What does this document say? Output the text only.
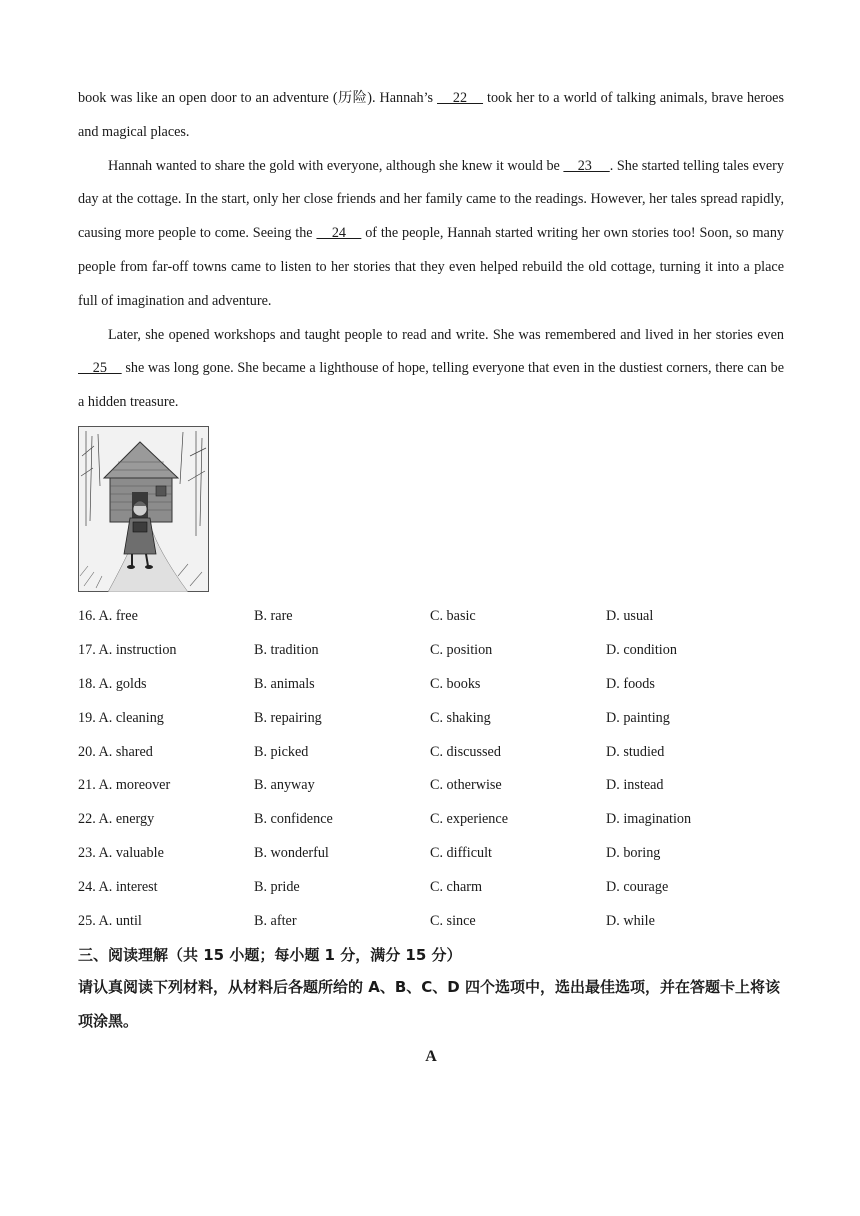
book was like an open door to an adventure (历险). Hannah’s     22     took her to a world of talking animals, brave heroes and magical places.

Hannah wanted to share the gold with everyone, although she knew it would be     23     . She started telling tales every day at the cottage. In the start, only her close friends and her family came to the readings. However, her tales spread rapidly, causing more people to come. Seeing the     24     of the people, Hannah started writing her own stories too! Soon, so many people from far-off towns came to listen to her stories that they even helped rebuild the old cottage, turning it into a place full of imagination and adventure.

Later, she opened workshops and taught people to read and write. She was remembered and lived in her stories even     25     she was long gone. She became a lighthouse of hope, telling everyone that even in the dustiest corners, there can be a hidden treasure.

16. A. free	B. rare	C. basic	D. usual
17. A. instruction	B. tradition	C. position	D. condition
18. A. golds	B. animals	C. books	D. foods
19. A. cleaning	B. repairing	C. shaking	D. painting
20. A. shared	B. picked	C. discussed	D. studied
21. A. moreover	B. anyway	C. otherwise	D. instead
22. A. energy	B. confidence	C. experience	D. imagination
23. A. valuable	B. wonderful	C. difficult	D. boring
24. A. interest	B. pride	C. charm	D. courage
25. A. until	B. after	C. since	D. while
三、阅读理解（共 15 小题；每小题 1 分，满分 15 分）
请认真阅读下列材料，从材料后各题所给的 A、B、C、D 四个选项中，选出最佳选项，并在答题卡上将该项涂黑。
A
